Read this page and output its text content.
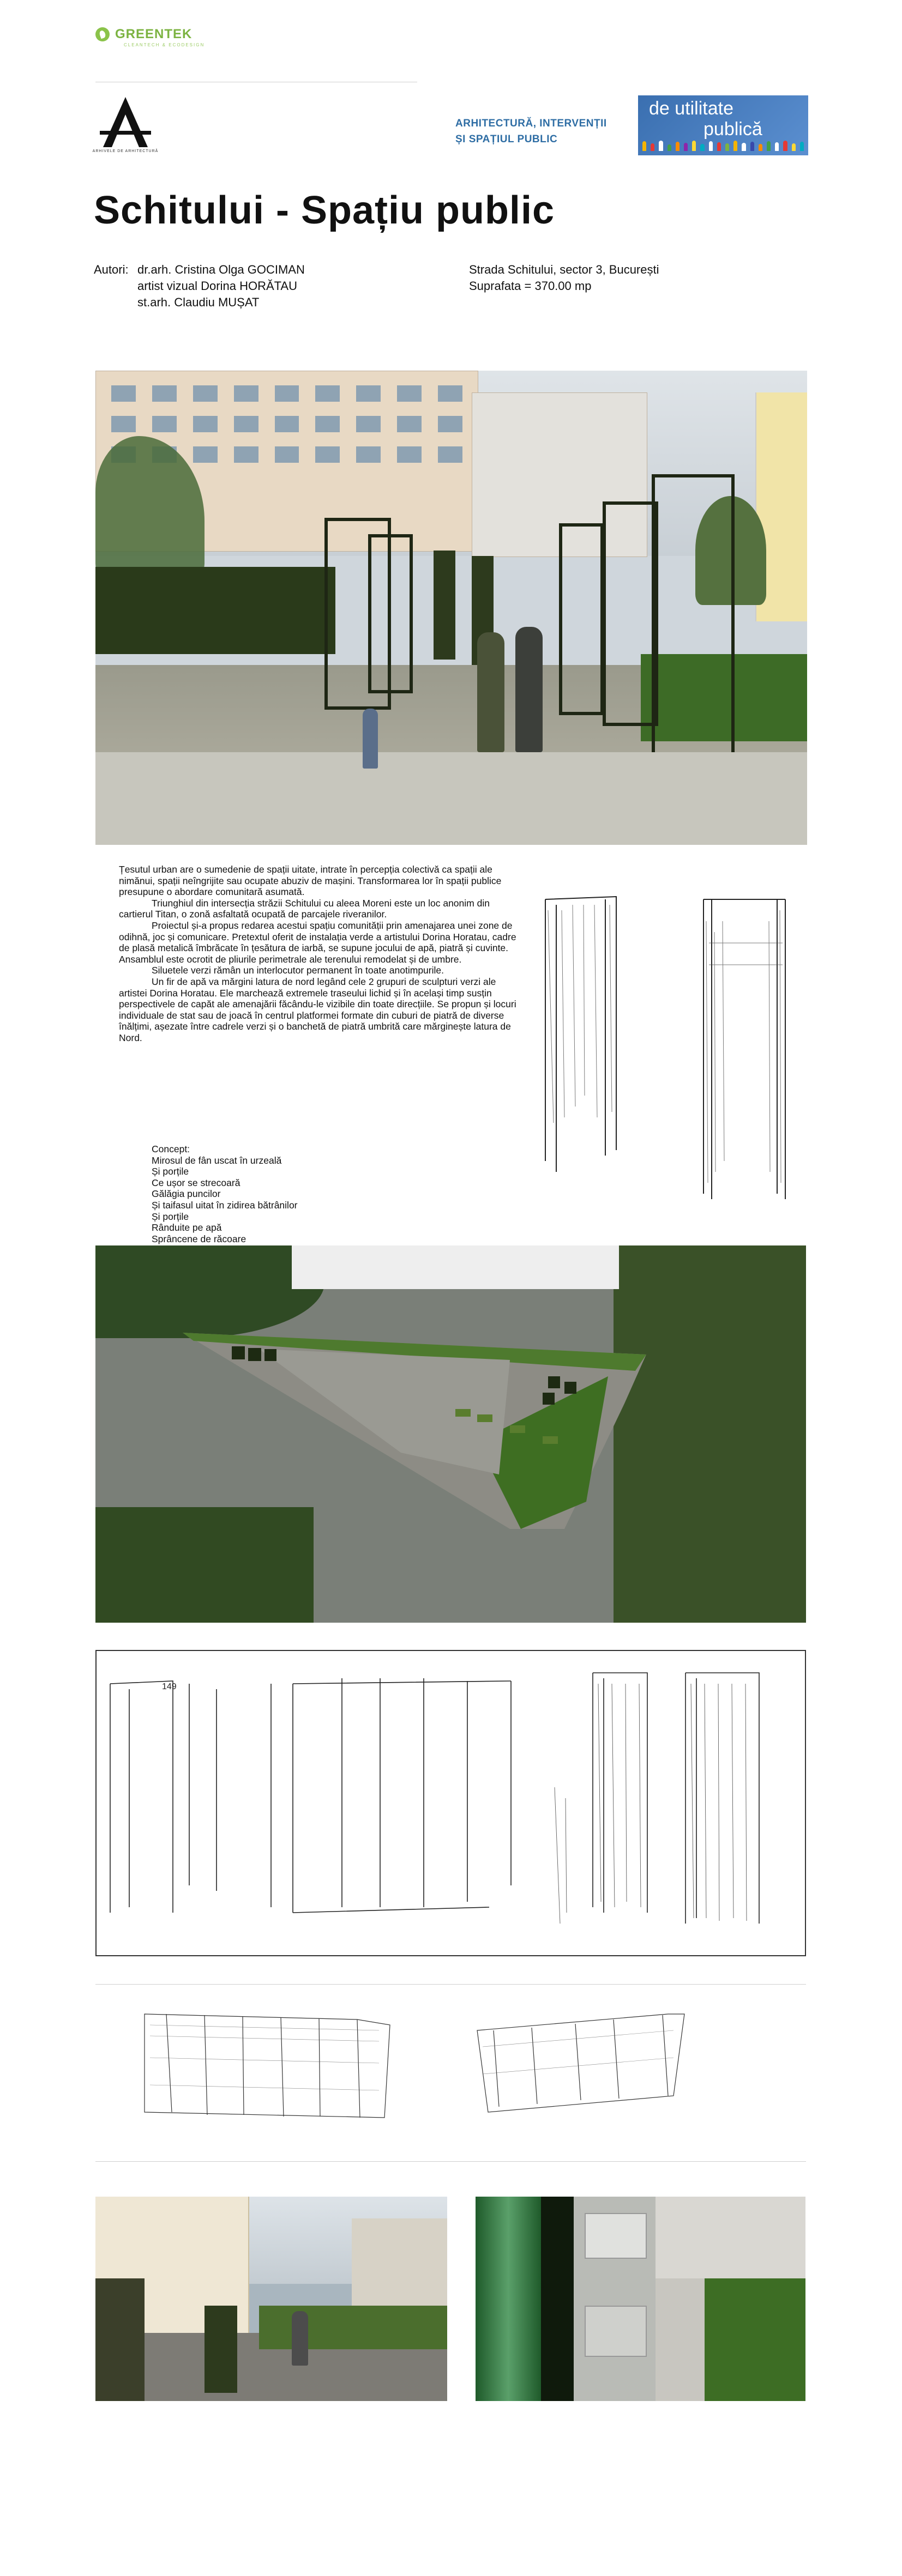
GREENTEK
CLEANTECH & ECODESIGN
ARHIVELE DE ARHITECTURĂ
ARHITECTURĂ, INTERVENȚII
ȘI SPAȚIUL PUBLIC
de utilitate
publică
Schitului - Spațiu public
Autori: dr.arh. Cristina Olga GOCIMAN
artist vizual Dorina HORĂTAU
st.arh. Claudiu MUȘAT
Strada Schitului, sector 3, București
Suprafata = 370.00 mp

Țesutul urban are o sumedenie de spații uitate, intrate în percepția colectivă ca spații ale nimănui, spații neîngrijite sau ocupate abuziv de mașini. Transformarea lor în spații publice presupune o abordare comunitară asumată.

Triunghiul din intersecția străzii Schitului cu aleea Moreni este un loc anonim din cartierul Titan, o zonă asfaltată ocupată de parcajele riveranilor.

Proiectul și-a propus redarea acestui spațiu comunității prin amenajarea unei zone de odihnă, joc și comunicare. Pretextul oferit de instalația verde a artistului Dorina Horatau, cadre de plasă metalică îmbrăcate în țesătura de iarbă, se supune jocului de apă, piatră și cuvinte. Ansamblul este ocrotit de pliurile perimetrale ale terenului remodelat și de umbre.

Siluetele verzi rămân un interlocutor permanent în toate anotimpurile.

Un fir de apă va mărgini latura de nord legând cele 2 grupuri de sculpturi verzi ale artistei Dorina Horatau. Ele marchează extremele traseului lichid și în același timp susțin perspectivele de capăt ale amenajării făcându-le vizibile din toate direcțiile. Se propun și locuri individuale de stat sau de joacă în centrul platformei formate din cuburi de piatră de diverse înălțimi, așezate între cadrele verzi și o banchetă de piatră umbrită care mărginește latura de Nord.

Concept:
Mirosul de fân uscat în urzeală
Și porțile
Ce ușor se strecoară
Gălăgia puncilor
Și taifasul uitat în zidirea bătrânilor
Și porțile
Rânduite pe apă
Sprâncene de răcoare
149
